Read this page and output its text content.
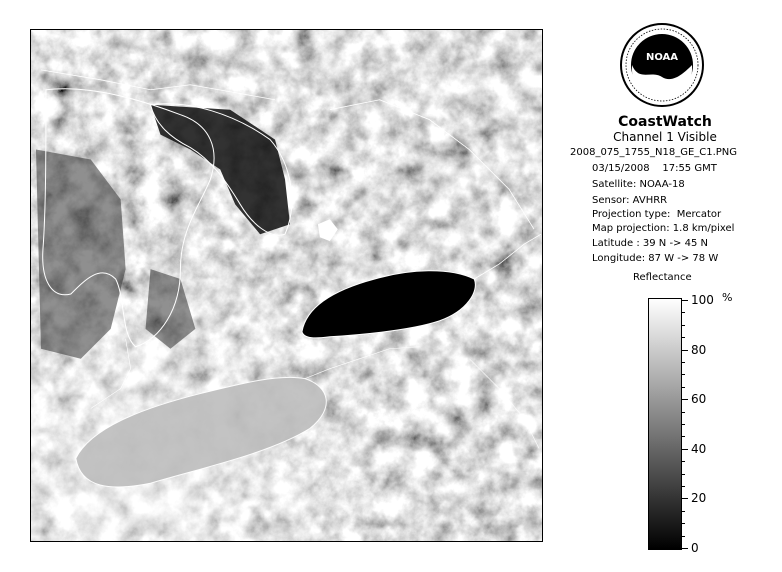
NOAA
CoastWatch
Channel 1 Visible
2008_075_1755_N18_GE_C1.PNG
03/15/2008    17:55 GMT
Satellite: NOAA-18
Sensor: AVHRR
Projection type:  Mercator
Map projection: 1.8 km/pixel
Latitude : 39 N -> 45 N
Longitude: 87 W -> 78 W
Reflectance
%
100
80
60
40
20
0
